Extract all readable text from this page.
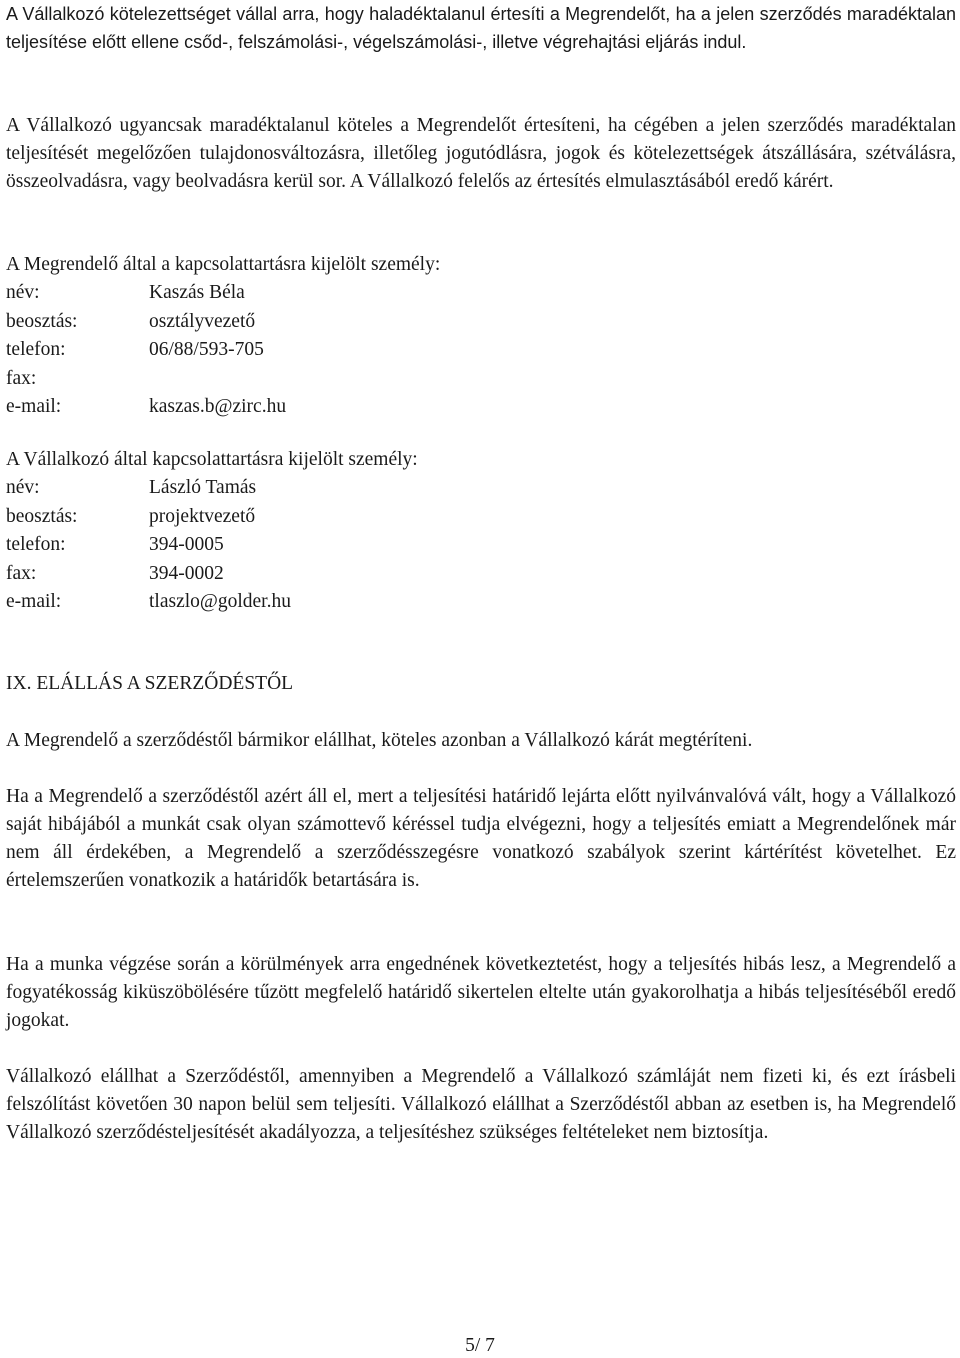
A Vállalkozó kötelezettséget vállal arra, hogy haladéktalanul értesíti a Megrendelőt, ha a jelen szerződés maradéktalan teljesítése előtt ellene csőd-, felszámolási-, végelszámolási-, illetve végrehajtási eljárás indul.

A Vállalkozó ugyancsak maradéktalanul köteles a Megrendelőt értesíteni, ha cégében a jelen szerződés maradéktalan teljesítését megelőzően tulajdonosváltozásra, illetőleg jogutódlásra, jogok és kötelezettségek átszállására, szétválásra, összeolvadásra, vagy beolvadásra kerül sor. A Vállalkozó felelős az értesítés elmulasztásából eredő kárért.

A Megrendelő által a kapcsolattartásra kijelölt személy:

név:	Kaszás Béla
beosztás:	osztályvezető
telefon:	06/88/593-705
fax:
e-mail:	kaszas.b@zirc.hu

A Vállalkozó által kapcsolattartásra kijelölt személy:

név:	László Tamás
beosztás:	projektvezető
telefon:	394-0005
fax:	394-0002
e-mail:	tlaszlo@golder.hu

IX. ELÁLLÁS A SZERZŐDÉSTŐL

A Megrendelő a szerződéstől bármikor elállhat, köteles azonban a Vállalkozó kárát megtéríteni.

Ha a Megrendelő a szerződéstől azért áll el, mert a teljesítési határidő lejárta előtt nyilvánvalóvá vált, hogy a Vállalkozó saját hibájából a munkát csak olyan számottevő kéréssel tudja elvégezni, hogy a teljesítés emiatt a Megrendelőnek már nem áll érdekében, a Megrendelő a szerződésszegésre vonatkozó szabályok szerint kártérítést követelhet. Ez értelemszerűen vonatkozik a határidők betartására is.

Ha a munka végzése során a körülmények arra engednének következtetést, hogy a teljesítés hibás lesz, a Megrendelő a fogyatékosság kiküszöbölésére tűzött megfelelő határidő sikertelen eltelte után gyakorolhatja a hibás teljesítéséből eredő jogokat.

Vállalkozó elállhat a Szerződéstől, amennyiben a Megrendelő a Vállalkozó számláját nem fizeti ki, és ezt írásbeli felszólítást követően 30 napon belül sem teljesíti. Vállalkozó elállhat a Szerződéstől abban az esetben is, ha Megrendelő Vállalkozó szerződésteljesítését akadályozza, a teljesítéshez szükséges feltételeket nem biztosítja.

5/ 7
